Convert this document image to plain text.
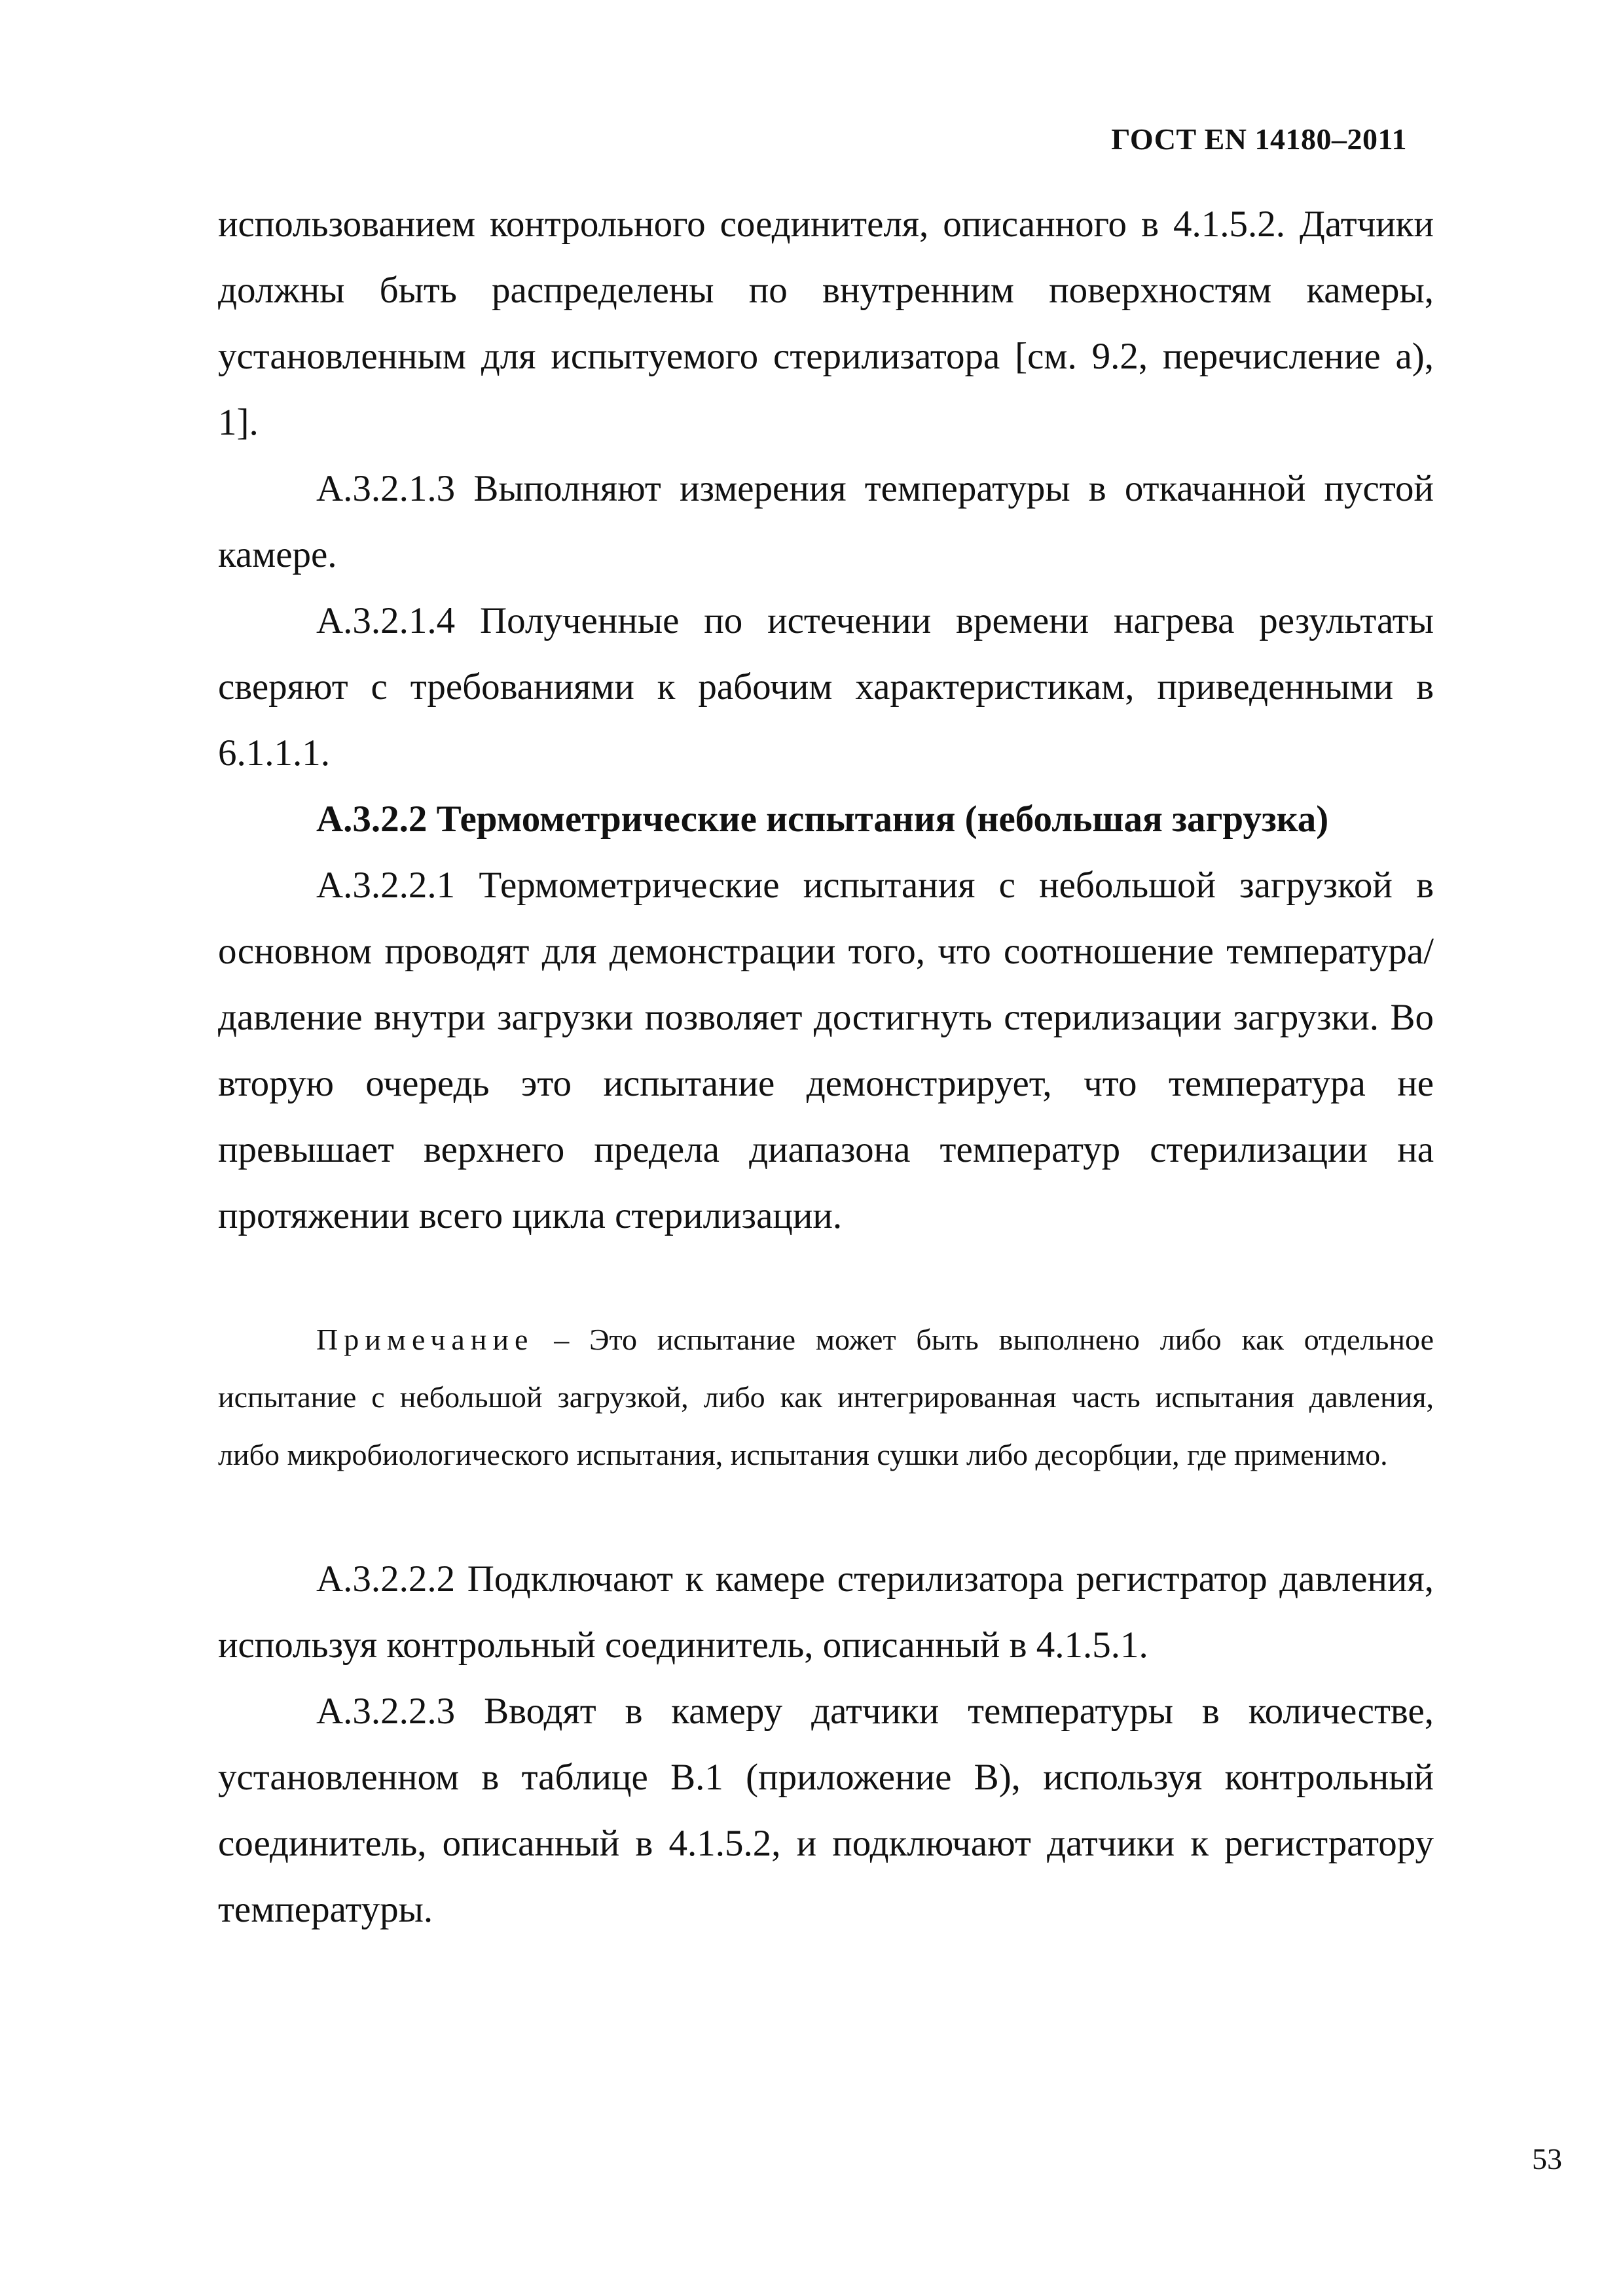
ГОСТ EN 14180–2011

использованием контрольного соединителя, описанного в 4.1.5.2. Датчики должны быть распределены по внутренним поверхностям камеры, установленным для испытуемого стерилизатора [см. 9.2, перечисление а), 1].

A.3.2.1.3 Выполняют измерения температуры в откачанной пустой камере.

A.3.2.1.4 Полученные по истечении времени нагрева результаты сверяют с требованиями к рабочим характеристикам, приведенными в 6.1.1.1.

A.3.2.2 Термометрические испытания (небольшая загрузка)

A.3.2.2.1 Термометрические испытания с небольшой загрузкой в основном проводят для демонстрации того, что соотношение температура/давление внутри загрузки позволяет достигнуть стерилизации загрузки. Во вторую очередь это испытание демонстрирует, что температура не превышает верхнего предела диапазона температур стерилизации на протяжении всего цикла стерилизации.

Примечание – Это испытание может быть выполнено либо как отдельное испытание с небольшой загрузкой, либо как интегрированная часть испытания давления, либо микробиологического испытания, испытания сушки либо десорбции, где применимо.

A.3.2.2.2 Подключают к камере стерилизатора регистратор давления, используя контрольный соединитель, описанный в 4.1.5.1.

A.3.2.2.3 Вводят в камеру датчики температуры в количестве, установленном в таблице В.1 (приложение В), используя контрольный соединитель, описанный в 4.1.5.2, и подключают датчики к регистратору температуры.

53
